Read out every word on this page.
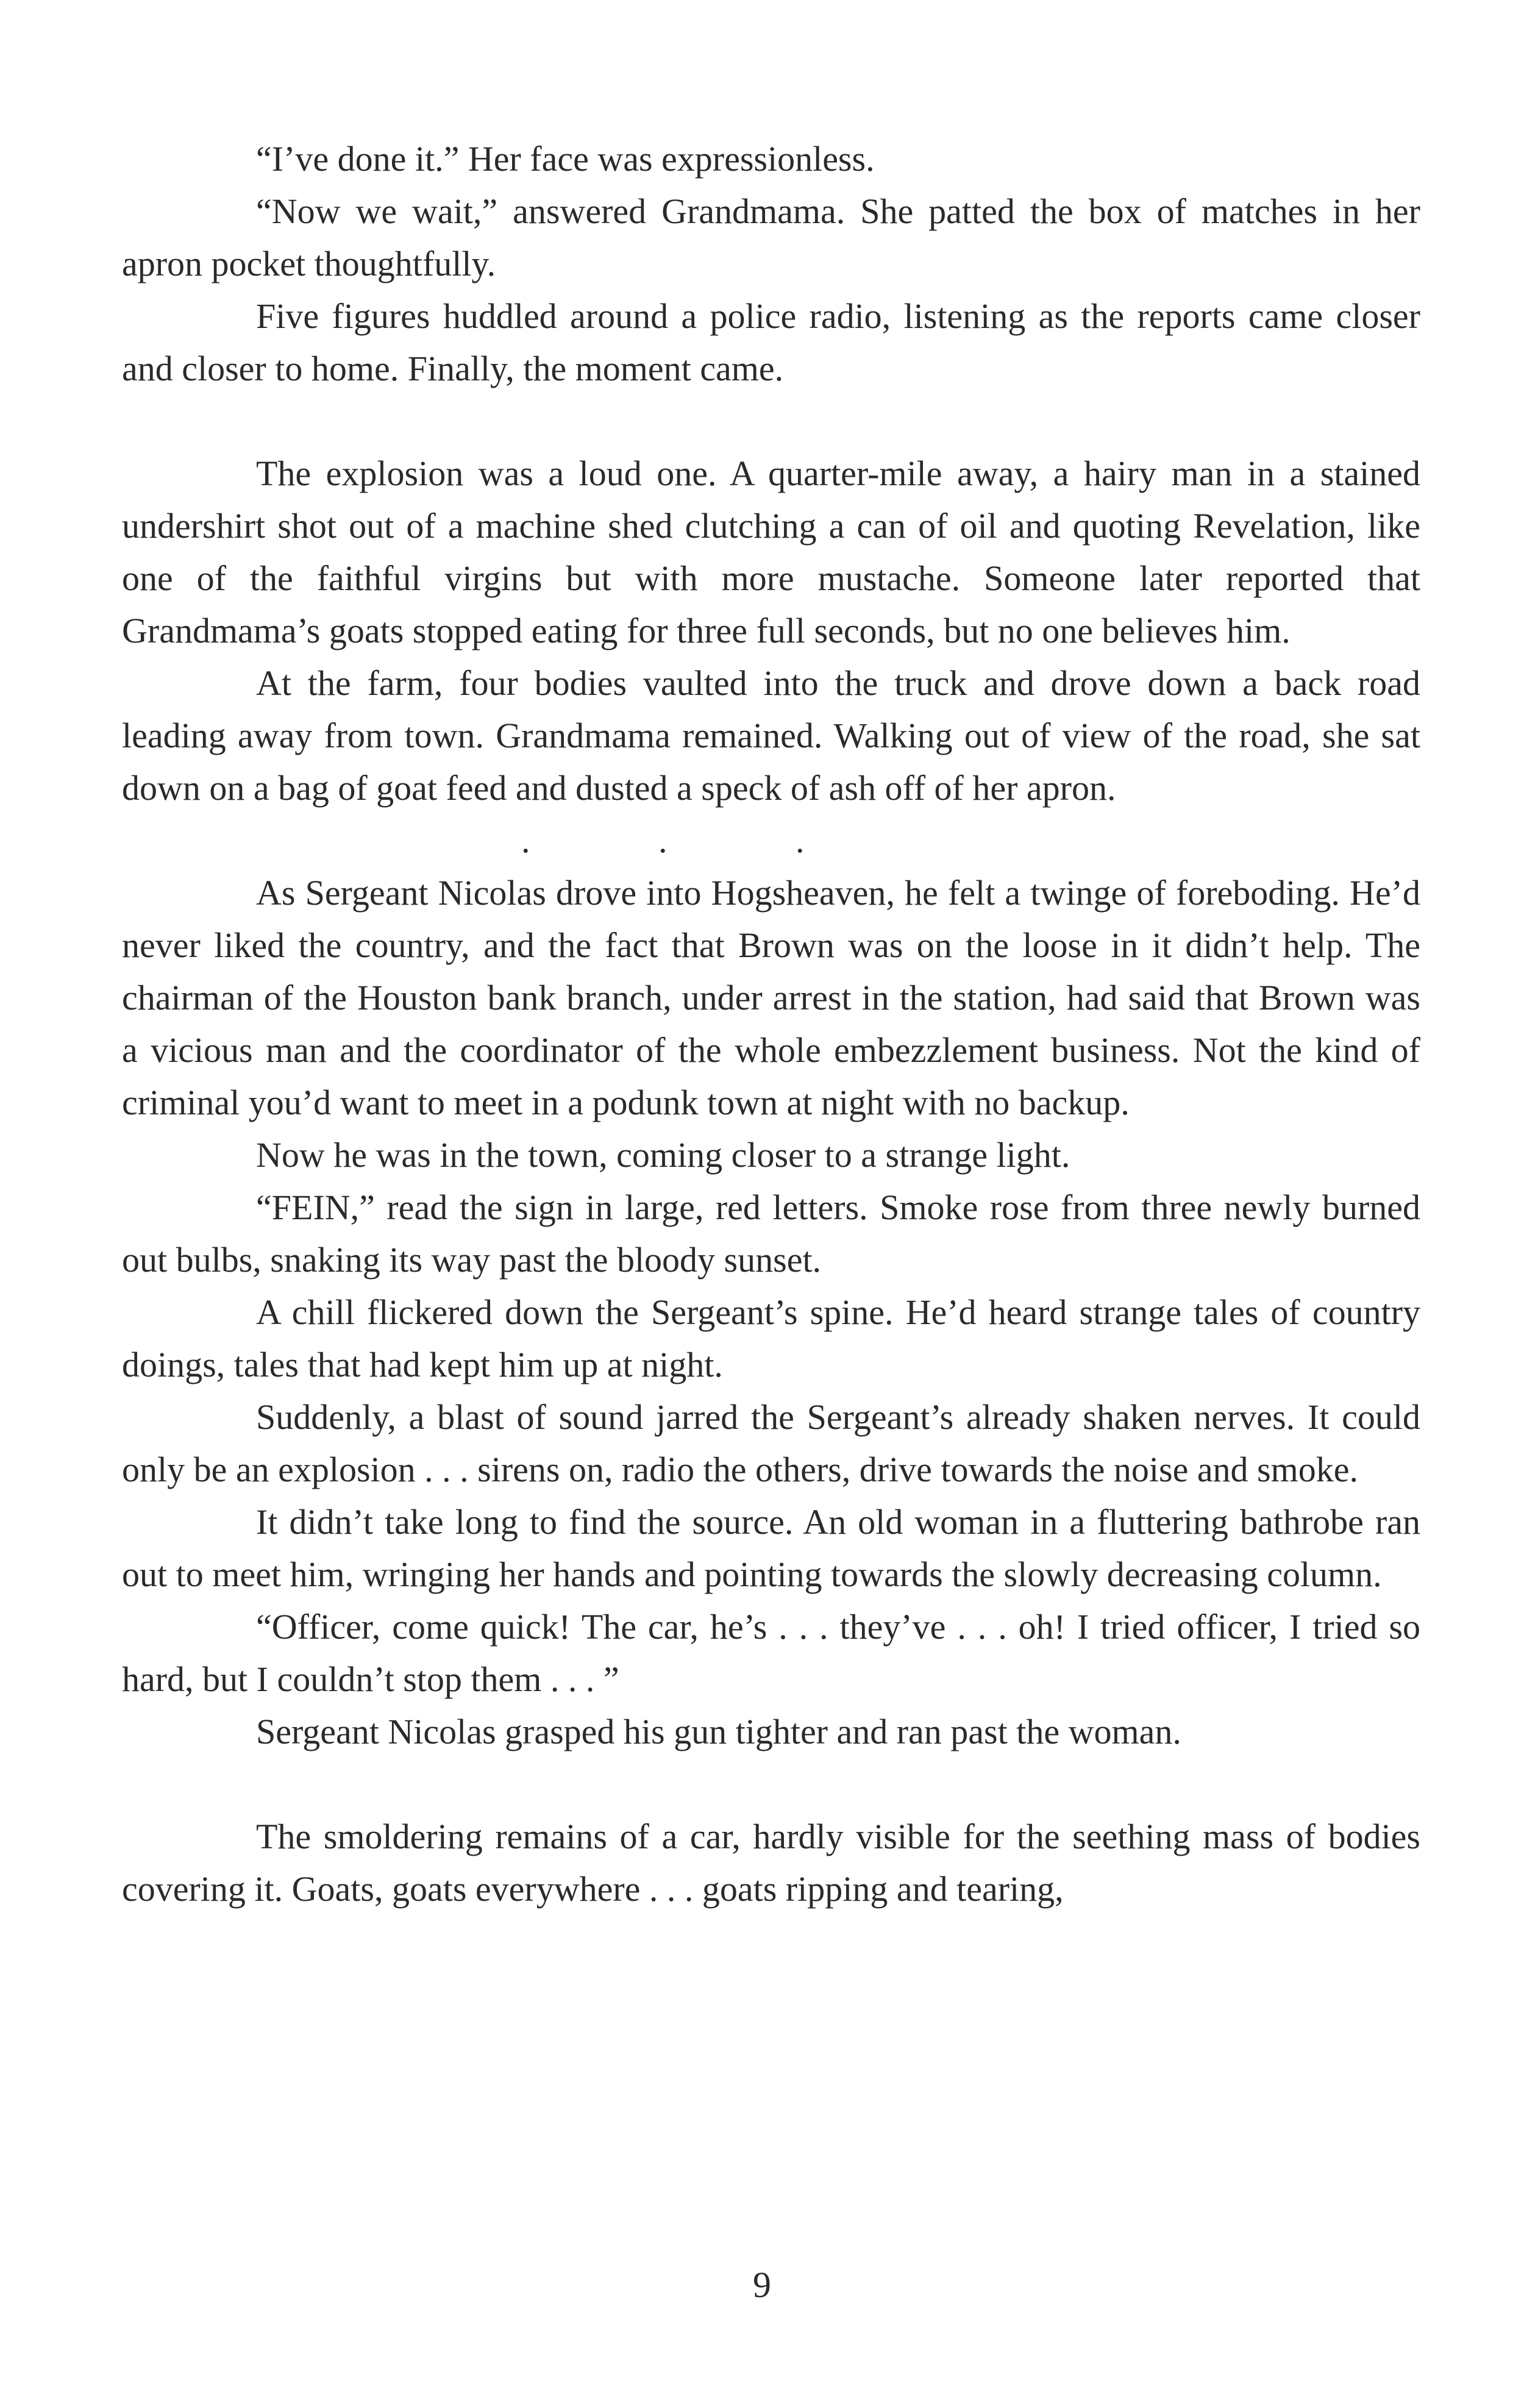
“I’ve done it.” Her face was expressionless.

“Now we wait,” answered Grandmama. She patted the box of matches in her apron pocket thoughtfully.

Five figures huddled around a police radio, listening as the reports came closer and closer to home. Finally, the moment came.

The explosion was a loud one. A quarter-mile away, a hairy man in a stained undershirt shot out of a machine shed clutching a can of oil and quoting Revelation, like one of the faithful virgins but with more mustache. Someone later reported that Grandmama’s goats stopped eating for three full seconds, but no one believes him.

At the farm, four bodies vaulted into the truck and drove down a back road leading away from town. Grandmama remained. Walking out of view of the road, she sat down on a bag of goat feed and dusted a speck of ash off of her apron.

.	.	.

As Sergeant Nicolas drove into Hogsheaven, he felt a twinge of foreboding. He’d never liked the country, and the fact that Brown was on the loose in it didn’t help. The chairman of the Houston bank branch, under arrest in the station, had said that Brown was a vicious man and the coordinator of the whole embezzlement business. Not the kind of criminal you’d want to meet in a podunk town at night with no backup.

Now he was in the town, coming closer to a strange light.

“FEIN,” read the sign in large, red letters. Smoke rose from three newly burned out bulbs, snaking its way past the bloody sunset.

A chill flickered down the Sergeant’s spine. He’d heard strange tales of country doings, tales that had kept him up at night.

Suddenly, a blast of sound jarred the Sergeant’s already shaken nerves. It could only be an explosion . . . sirens on, radio the others, drive towards the noise and smoke.

It didn’t take long to find the source. An old woman in a fluttering bathrobe ran out to meet him, wringing her hands and pointing towards the slowly decreasing column.

“Officer, come quick! The car, he’s . . . they’ve . . . oh! I tried officer, I tried so hard, but I couldn’t stop them . . . ”

Sergeant Nicolas grasped his gun tighter and ran past the woman.

The smoldering remains of a car, hardly visible for the seething mass of bodies covering it. Goats, goats everywhere . . . goats ripping and tearing,

9
